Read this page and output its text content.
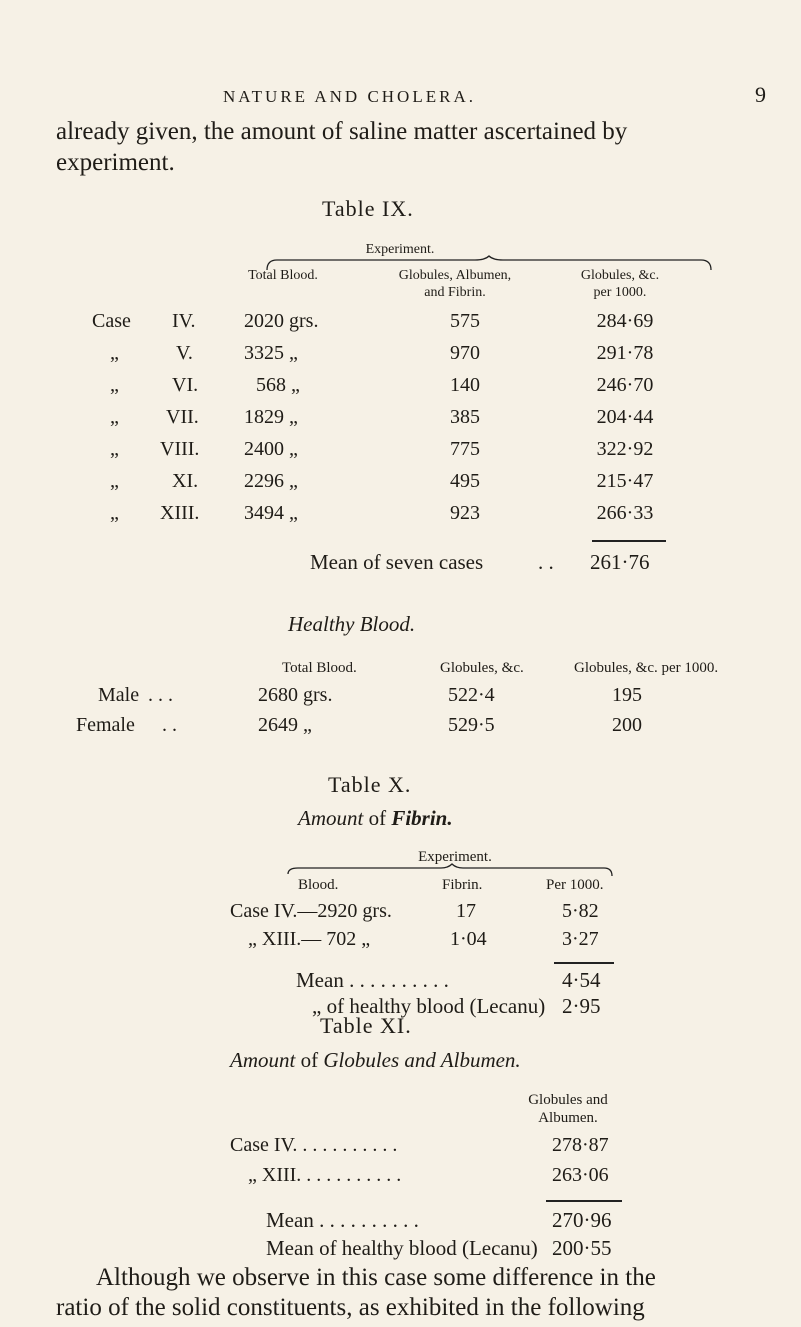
NATURE AND CHOLERA.	9
already given, the amount of saline matter ascertained by
experiment.
Table IX.
Experiment.
Total Blood.	Globules, Albumen,
and Fibrin.
Globules, &c.
per 1000.
Case IV. 2020 grs.	575	284·69
„	V.	3325 „	970	291·78
„	VI.	568 „	140	246·70
„ VII. 1829 „	385	204·44
„ VIII. 2400 „	775	322·92
„	XI. 2296 „	495	215·47
„ XIII. 3494 „	923	266·33
Mean of seven cases	. . 261·76
Healthy Blood.
Total Blood.	Globules, &c.	Globules, &c. per 1000.
Male . . .	2680 grs.	522·4	195
Female . .	2649 „	529·5	200
Table X.
Amount of Fibrin.
Experiment.
Blood.	Fibrin.	Per 1000.
Case IV.—2920 grs.	17	5·82
„ XIII.— 702 „	1·04	3·27
Mean . . . . . . . . . .	4·54
„ of healthy blood (Lecanu) 2·95
Table XI.
Amount of Globules and Albumen.
Globules and
Albumen.
Case IV. . . . . . . . . . .	278·87
„ XIII. . . . . . . . . . .	263·06
Mean . . . . . . . . . .	270·96
Mean of healthy blood (Lecanu) 200·55
Although we observe in this case some difference in the
ratio of the solid constituents, as exhibited in the following
